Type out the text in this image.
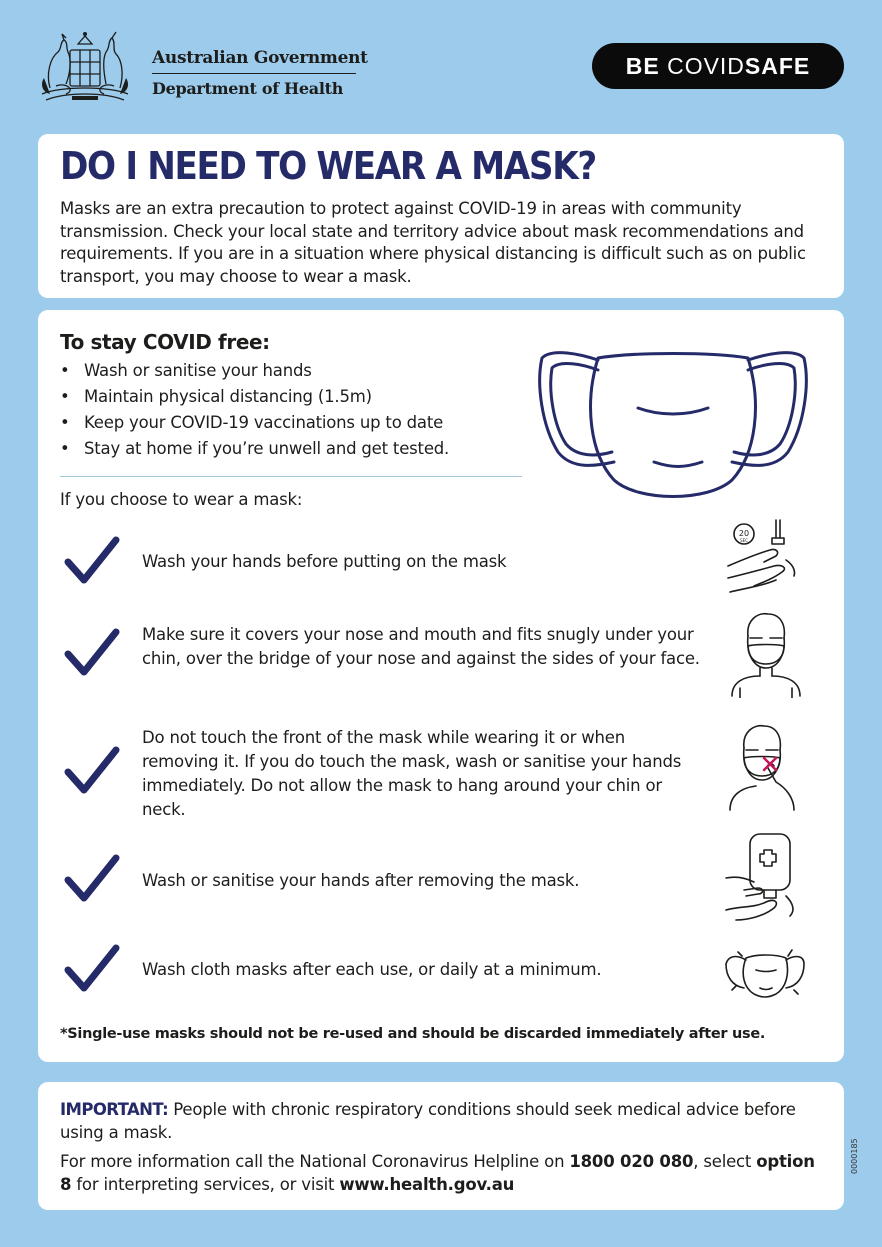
Australian Government
Department of Health
BE
COVID SAFE
DO I NEED TO WEAR A MASK?
Masks are an extra precaution to protect against COVID-19 in areas with community transmission. Check your local state and territory advice about mask recommendations and requirements. If you are in a situation where physical distancing is difficult such as on public transport, you may choose to wear a mask.
To stay COVID free:
• Wash or sanitise your hands
• Maintain physical distancing (1.5m)
• Keep your COVID-19 vaccinations up to date
• Stay at home if you’re unwell and get tested.
If you choose to wear a mask:
Wash your hands before putting on the mask
20
SEC
Make sure it covers your nose and mouth and fits snugly under your chin, over the bridge of your nose and against the sides of your face.
Do not touch the front of the mask while wearing it or when removing it. If you do touch the mask, wash or sanitise your hands immediately. Do not allow the mask to hang around your chin or neck.
Wash or sanitise your hands after removing the mask.
Wash cloth masks after each use, or daily at a minimum.
*Single-use masks should not be re-used and should be discarded immediately after use.
IMPORTANT: People with chronic respiratory conditions should seek medical advice before using a mask.
For more information call the National Coronavirus Helpline on 1800 020 080, select option 8 for interpreting services, or visit www.health.gov.au
0000185
